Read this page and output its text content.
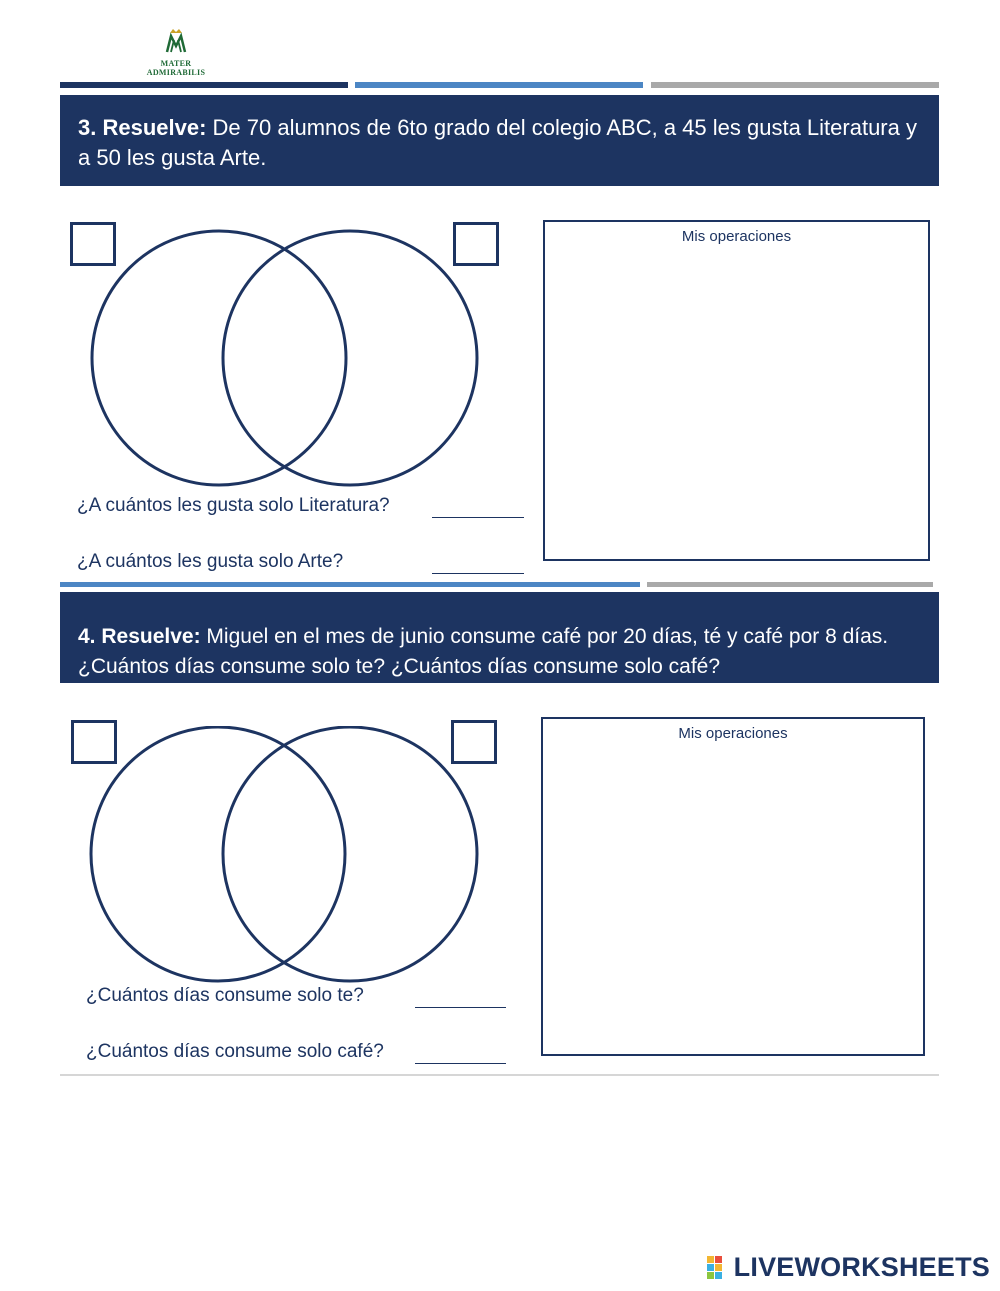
MATER
ADMIRABILIS
3. Resuelve: De 70 alumnos de 6to grado del colegio ABC, a 45 les gusta Literatura y a 50 les gusta Arte.
Mis operaciones
¿A cuántos les gusta solo Literatura?
¿A cuántos les gusta solo Arte?
4. Resuelve: Miguel en el mes de junio consume café por 20 días, té y café por 8 días. ¿Cuántos días consume solo te? ¿Cuántos días consume solo café?
Mis operaciones
¿Cuántos días consume solo te?
¿Cuántos días consume solo café?
LIVEWORKSHEETS
